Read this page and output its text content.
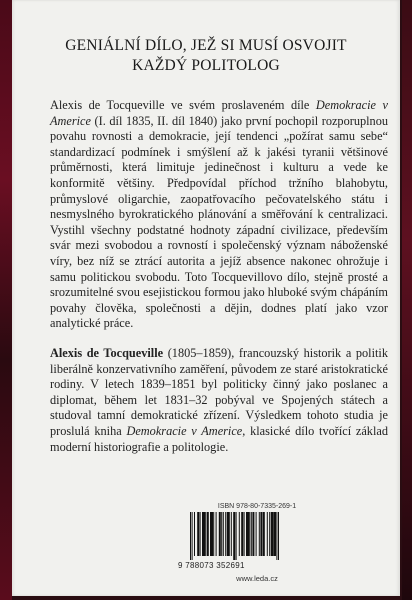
GENIÁLNÍ DÍLO, JEŽ SI MUSÍ OSVOJIT
KAŽDÝ POLITOLOG
Alexis de Tocqueville ve svém proslaveném díle Demokracie v Americe (I. díl 1835, II. díl 1840) jako první pochopil rozporuplnou povahu rovnosti a demokracie, její tendenci „požírat samu sebe“ standardizací podmínek i smýšlení až k jakési tyranii většinové průměrnosti, která limituje jedinečnost i kulturu a vede ke konformitě většiny. Předpovídal příchod tržního blahobytu, průmyslové oligarchie, zaopatřovacího pečovatelského státu i nesmyslného byrokratického plánování a směřování k centralizaci. Vystihl všechny podstatné hodnoty západní civilizace, především svár mezi svobodou a rovností i společenský význam náboženské víry, bez níž se ztrácí autorita a jejíž absence nakonec ohrožuje i samu politickou svobodu. Toto Tocquevillovo dílo, stejně prosté a srozumitelné svou esejistickou formou jako hluboké svým chápáním povahy člověka, společnosti a dějin, dodnes platí jako vzor analytické práce.
Alexis de Tocqueville (1805–1859), francouzský historik a politik liberálně konzervativního zaměření, původem ze staré aristokratické rodiny. V letech 1839–1851 byl politicky činný jako poslanec a diplomat, během let 1831–32 pobýval ve Spojených státech a studoval tamní demokratické zřízení. Výsledkem tohoto studia je proslulá kniha Demokracie v Americe, klasické dílo tvořící základ moderní historiografie a politologie.
ISBN 978-80-7335-269-1
9 788073 352691
www.leda.cz
